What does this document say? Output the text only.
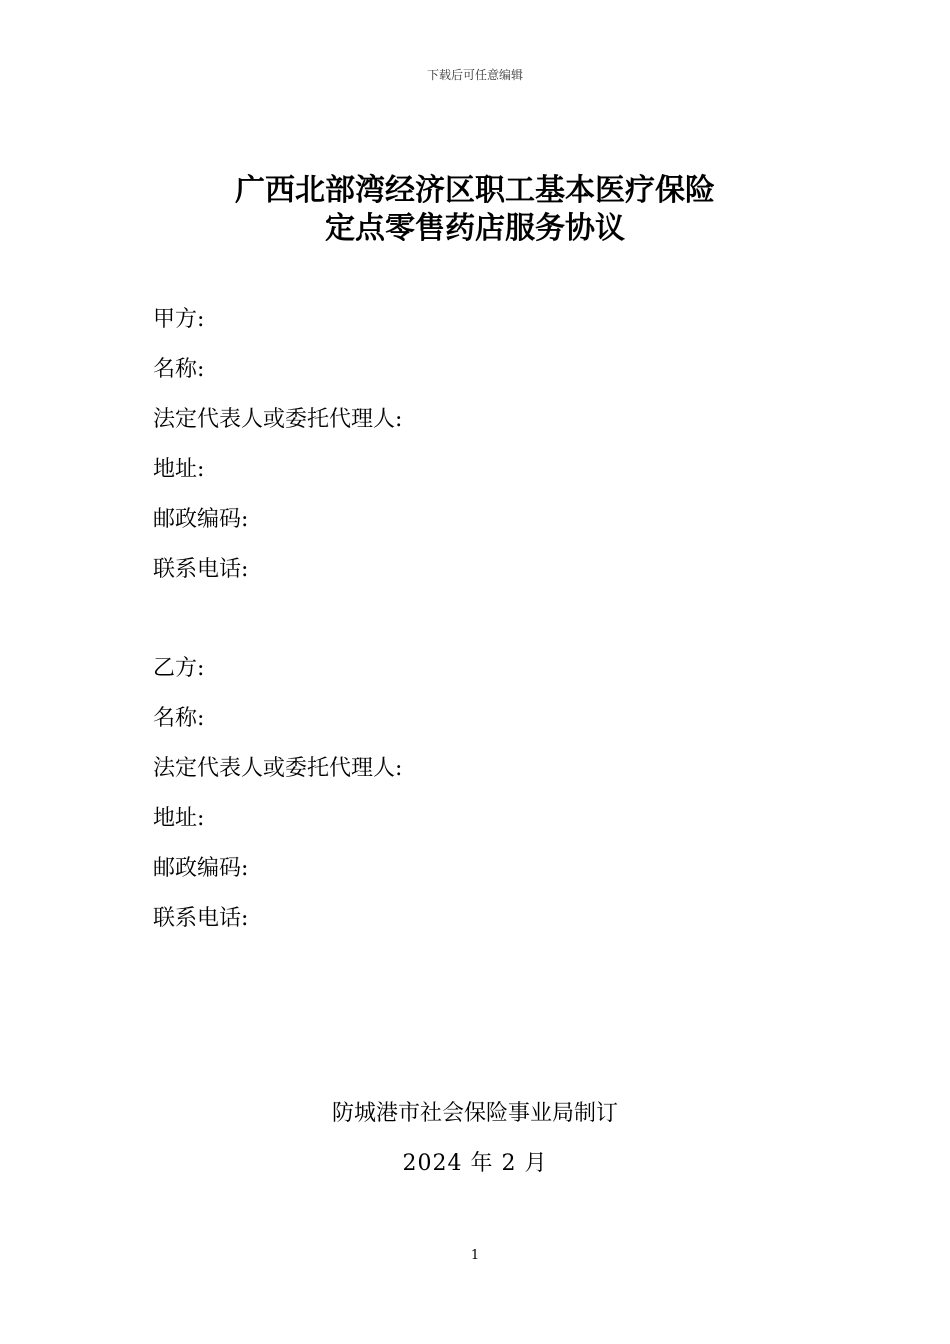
下载后可任意编辑
广西北部湾经济区职工基本医疗保险
定点零售药店服务协议
甲方:
名称:
法定代表人或委托代理人:
地址:
邮政编码:
联系电话:
乙方:
名称:
法定代表人或委托代理人:
地址:
邮政编码:
联系电话:
防城港市社会保险事业局制订
2024 年 2 月
1
